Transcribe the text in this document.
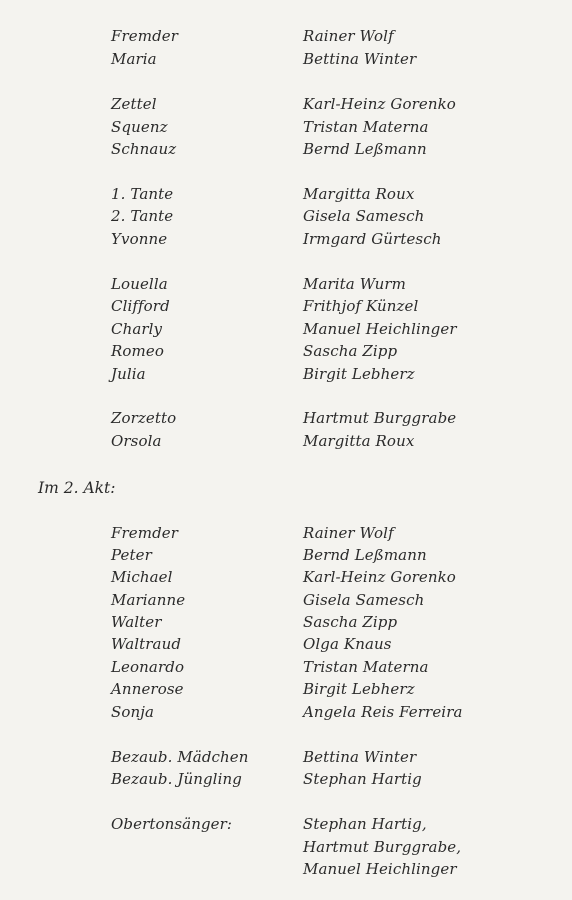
Fremder	Rainer Wolf
Maria	Bettina Winter
Zettel	Karl-Heinz Gorenko
Squenz	Tristan Materna
Schnauz	Bernd Leßmann
1. Tante	Margitta Roux
2. Tante	Gisela Samesch
Yvonne	Irmgard Gürtesch
Louella	Marita Wurm
Clifford	Frithjof Künzel
Charly	Manuel Heichlinger
Romeo	Sascha Zipp
Julia	Birgit Lebherz
Zorzetto	Hartmut Burggrabe
Orsola	Margitta Roux
Im 2. Akt:
Fremder	Rainer Wolf
Peter	Bernd Leßmann
Michael	Karl-Heinz Gorenko
Marianne	Gisela Samesch
Walter	Sascha Zipp
Waltraud	Olga Knaus
Leonardo	Tristan Materna
Annerose	Birgit Lebherz
Sonja	Angela Reis Ferreira
Bezaub. Mädchen	Bettina Winter
Bezaub. Jüngling	Stephan Hartig
Obertonsänger:	Stephan Hartig,
Hartmut Burggrabe,
Manuel Heichlinger
